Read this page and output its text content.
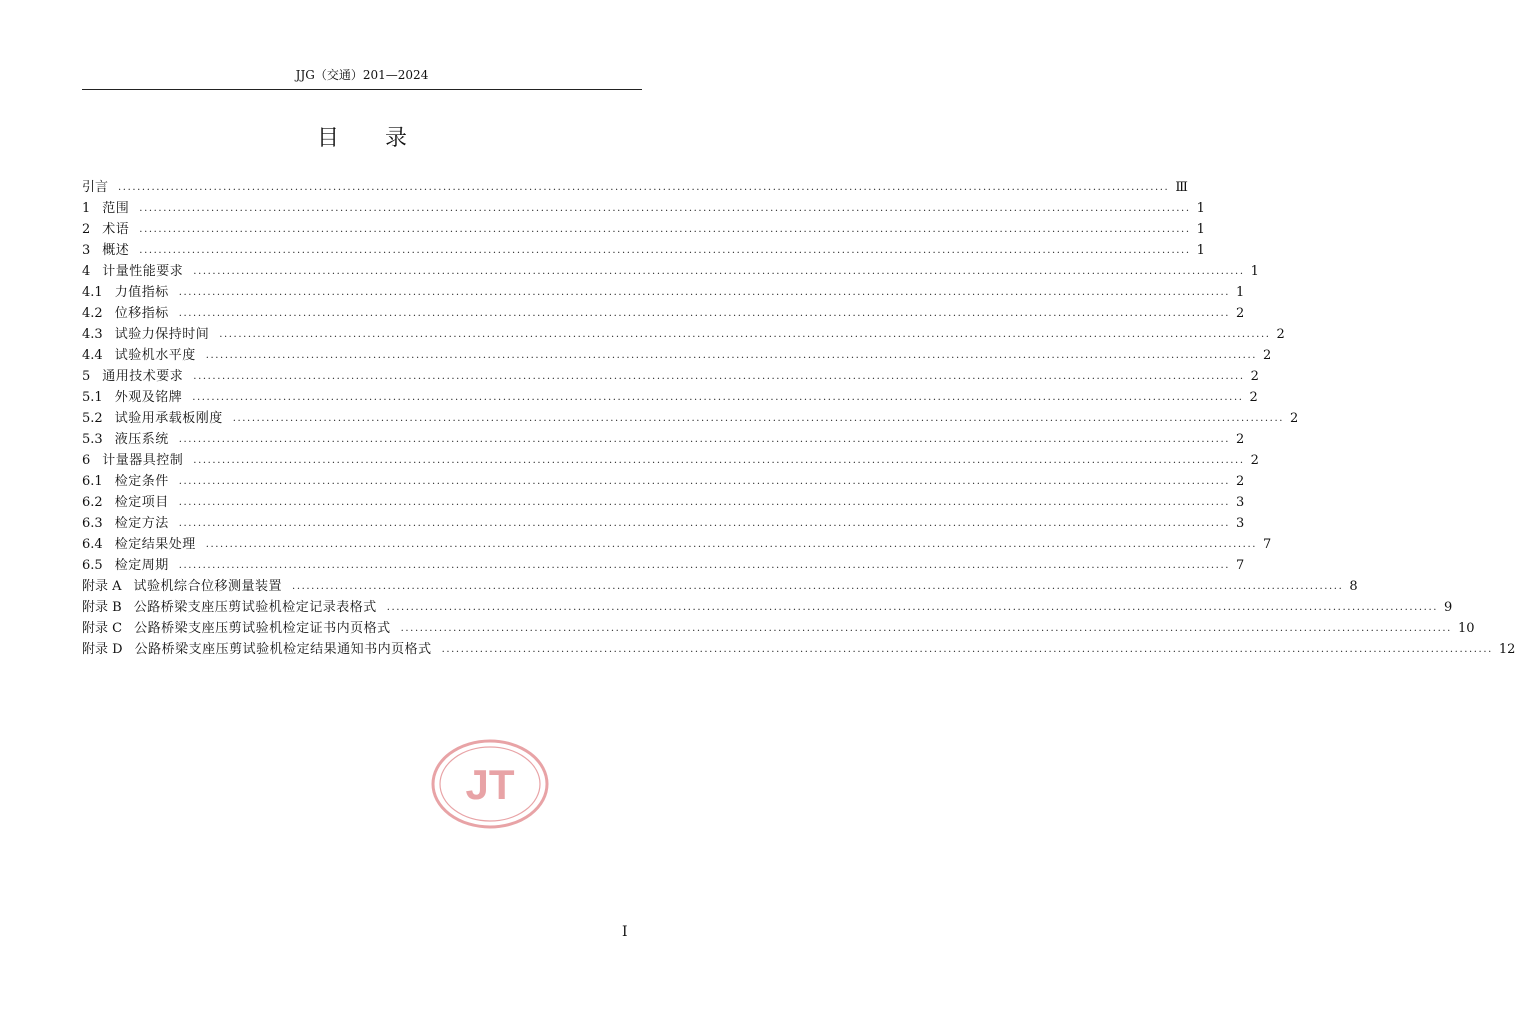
JJG（交通）201—2024
目录
引言 ............................................................................................................................................................................................................................ Ⅲ
1 范围 ............................................................................................................................................................................................................................ 1
2 术语 ............................................................................................................................................................................................................................ 1
3 概述 ............................................................................................................................................................................................................................ 1
4 计量性能要求 ............................................................................................................................................................................................................................ 1
4.1 力值指标 ............................................................................................................................................................................................................................ 1
4.2 位移指标 ............................................................................................................................................................................................................................ 2
4.3 试验力保持时间 ............................................................................................................................................................................................................................ 2
4.4 试验机水平度 ............................................................................................................................................................................................................................ 2
5 通用技术要求 ............................................................................................................................................................................................................................ 2
5.1 外观及铭牌 ............................................................................................................................................................................................................................ 2
5.2 试验用承载板刚度 ............................................................................................................................................................................................................................ 2
5.3 液压系统 ............................................................................................................................................................................................................................ 2
6 计量器具控制 ............................................................................................................................................................................................................................ 2
6.1 检定条件 ............................................................................................................................................................................................................................ 2
6.2 检定项目 ............................................................................................................................................................................................................................ 3
6.3 检定方法 ............................................................................................................................................................................................................................ 3
6.4 检定结果处理 ............................................................................................................................................................................................................................ 7
6.5 检定周期 ............................................................................................................................................................................................................................ 7
附录 A 试验机综合位移测量装置 ............................................................................................................................................................................................................................ 8
附录 B 公路桥梁支座压剪试验机检定记录表格式 ............................................................................................................................................................................................................................ 9
附录 C 公路桥梁支座压剪试验机检定证书内页格式 ............................................................................................................................................................................................................................ 10
附录 D 公路桥梁支座压剪试验机检定结果通知书内页格式 ............................................................................................................................................................................................................................ 12
JT
I
